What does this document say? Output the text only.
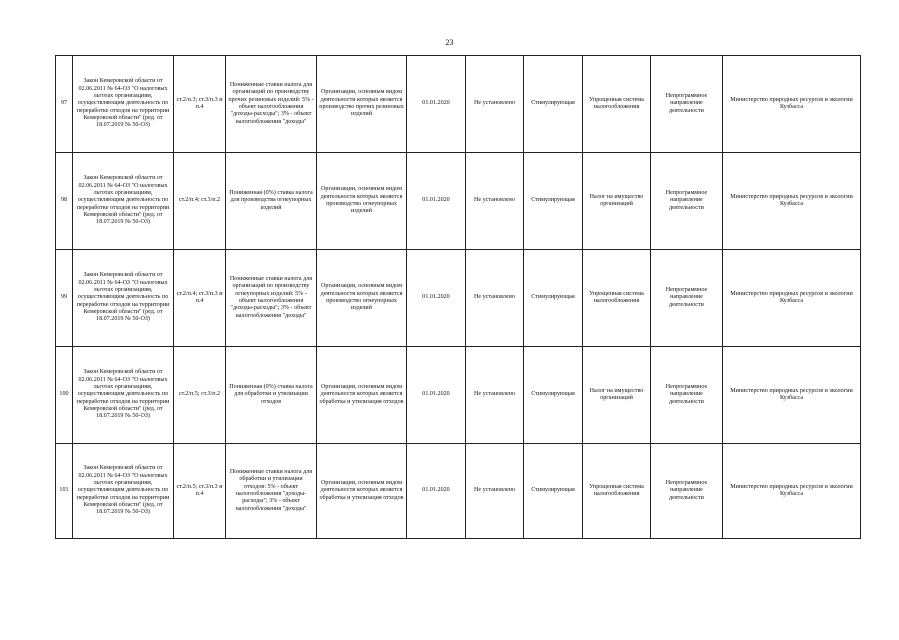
23
97	Закон Кемеровской области от 02.06.2011 № 64-ОЗ "О налоговых льготах организациям, осуществляющим деятельность по переработке отходов на территории Кемеровской области" (ред. от 18.07.2019 № 50-ОЗ)	ст.2/п.3; ст.3/п.3 и п.4	Пониженные ставки налога для организаций по производству прочих резиновых изделий: 5% - объект налогообложения "доходы-расходы"; 3% - объект налогообложения "доходы"	Организации, основным видом деятельности которых является производство прочих резиновых изделий	01.01.2020	Не установлено	Стимулирующая	Упрощенная система налогообложения	Непрограммное направление деятельности	Министерство природных ресурсов и экологии Кузбасса
98	Закон Кемеровской области от 02.06.2011 № 64-ОЗ "О налоговых льготах организациям, осуществляющим деятельность по переработке отходов на территории Кемеровской области" (ред. от 18.07.2019 № 50-ОЗ)	ст.2/п.4; ст.3/п.2	Пониженная (0%) ставка налога для производства огнеупорных изделий	Организации, основным видом деятельности которых является производство огнеупорных изделий	01.01.2020	Не установлено	Стимулирующая	Налог на имущество организаций	Непрограммное направление деятельности	Министерство природных ресурсов и экологии Кузбасса
99	Закон Кемеровской области от 02.06.2011 № 64-ОЗ "О налоговых льготах организациям, осуществляющим деятельность по переработке отходов на территории Кемеровской области" (ред. от 18.07.2019 № 50-ОЗ)	ст.2/п.4; ст.3/п.3 и п.4	Пониженные ставки налога для организаций по производству огнеупорных изделий: 5% - объект налогообложения "доходы-расходы"; 3% - объект налогообложения "доходы"	Организации, основным видом деятельности которых является производство огнеупорных изделий	01.01.2020	Не установлено	Стимулирующая	Упрощенная система налогообложения	Непрограммное направление деятельности	Министерство природных ресурсов и экологии Кузбасса
100	Закон Кемеровской области от 02.06.2011 № 64-ОЗ "О налоговых льготах организациям, осуществляющим деятельность по переработке отходов на территории Кемеровской области" (ред. от 18.07.2019 № 50-ОЗ)	ст.2/п.5; ст.3/п.2	Пониженная (0%) ставка налога для обработки и утилизации отходов	Организации, основным видом деятельности которых является обработка и утилизация отходов	01.01.2020	Не установлено	Стимулирующая	Налог на имущество организаций	Непрограммное направление деятельности	Министерство природных ресурсов и экологии Кузбасса
101	Закон Кемеровской области от 02.06.2011 № 64-ОЗ "О налоговых льготах организациям, осуществляющим деятельность по переработке отходов на территории Кемеровской области" (ред. от 18.07.2019 № 50-ОЗ)	ст.2/п.5; ст.3/п.3 и п.4	Пониженные ставки налога для обработки и утилизации отходов: 5% - объект налогообложения "доходы-расходы"; 3% - объект налогообложения "доходы"	Организации, основным видом деятельности которых является обработка и утилизация отходов	01.01.2020	Не установлено	Стимулирующая	Упрощенная система налогообложения	Непрограммное направление деятельности	Министерство природных ресурсов и экологии Кузбасса
